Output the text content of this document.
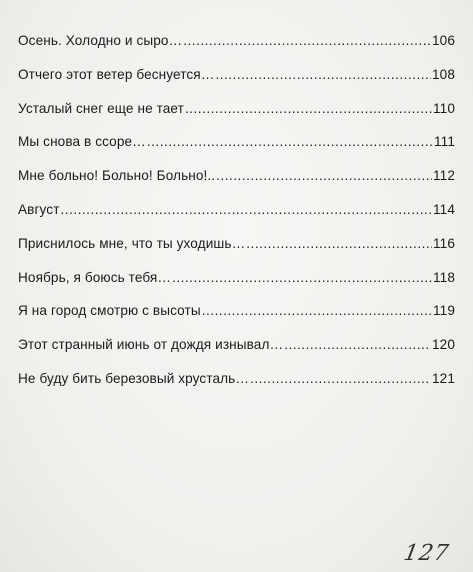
Осень. Холодно и сыро… .....	106
Отчего этот ветер беснуется… .....	108
Усталый снег еще не тает .....	110
Мы снова в ссоре… .....	111
Мне больно! Больно! Больно!.. .....	112
Август .....	114
Приснилось мне, что ты уходишь… .....	116
Ноябрь, я боюсь тебя… .....	118
Я на город смотрю с высоты .....	119
Этот странный июнь от дождя изнывал… .....	120
Не буду бить березовый хрусталь… .....	121
127
